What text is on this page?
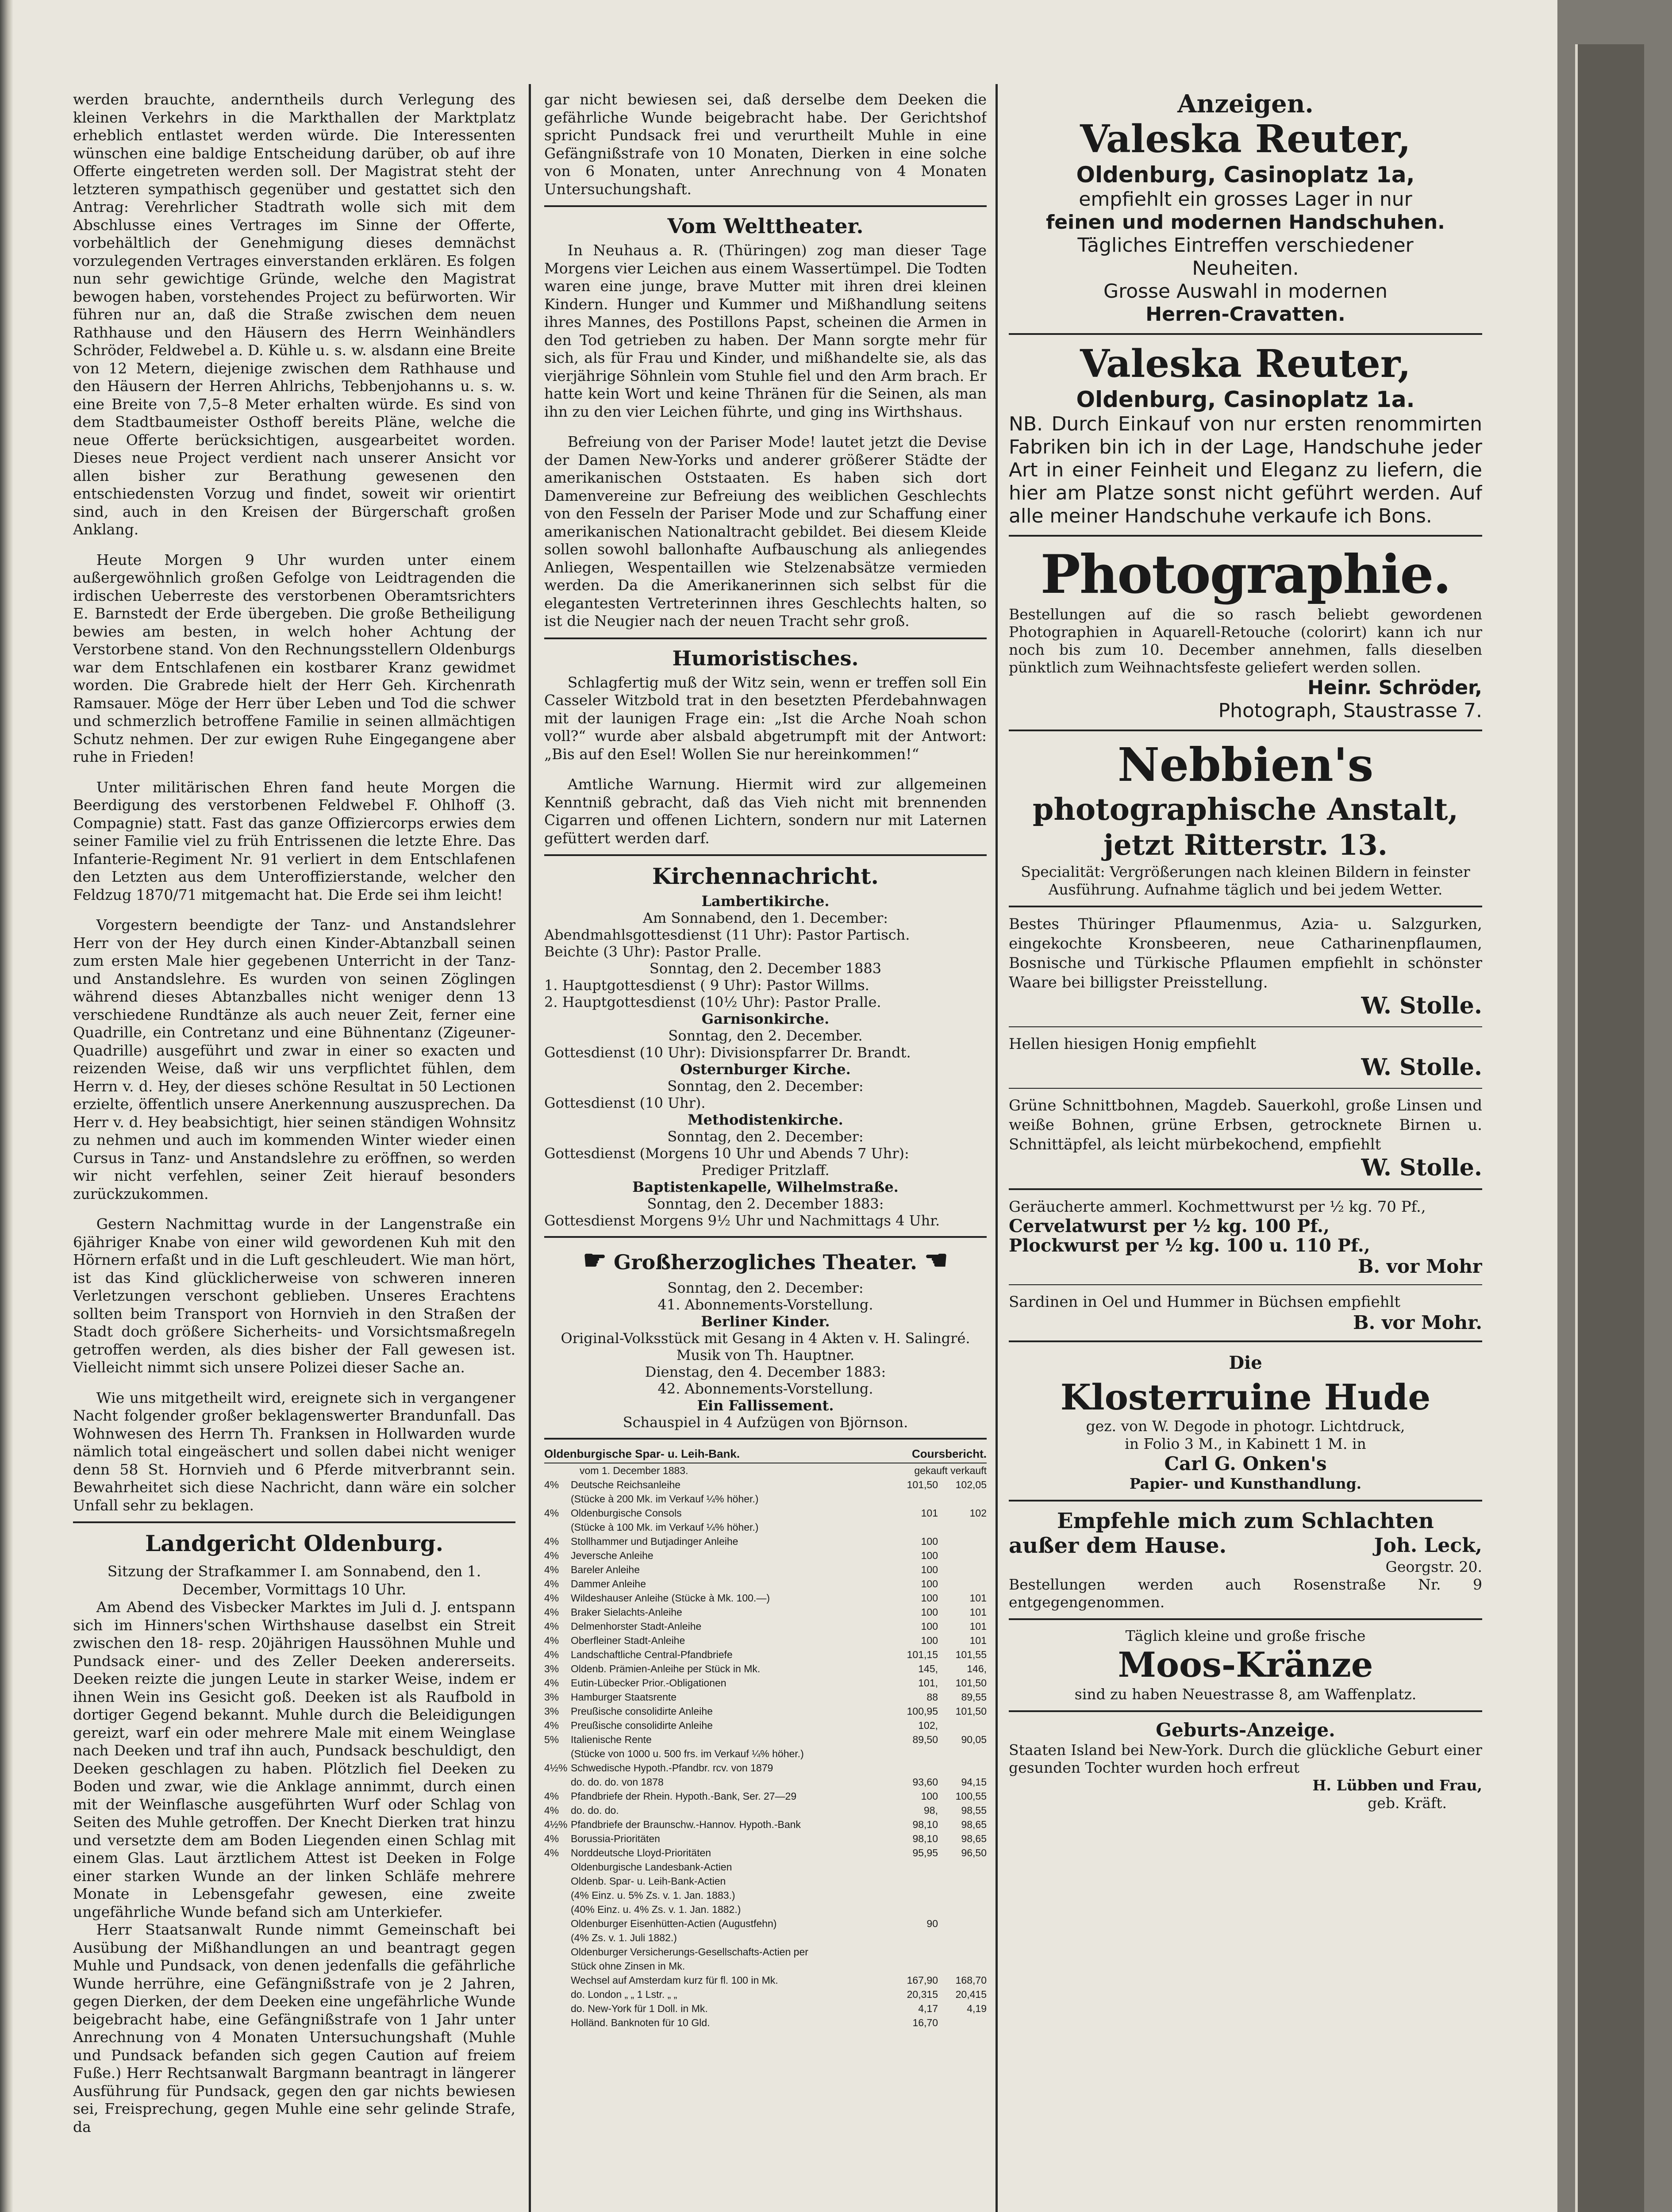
werden brauchte, anderntheils durch Verlegung des kleinen Verkehrs in die Markthallen der Marktplatz erheblich entlastet werden würde. Die Interessenten wünschen eine baldige Entscheidung darüber, ob auf ihre Offerte eingetreten werden soll. Der Magistrat steht der letzteren sympathisch gegenüber und gestattet sich den Antrag: Verehrlicher Stadtrath wolle sich mit dem Abschlusse eines Vertrages im Sinne der Offerte, vorbehältlich der Genehmigung dieses demnächst vorzulegenden Vertrages einverstanden erklären. Es folgen nun sehr gewichtige Gründe, welche den Magistrat bewogen haben, vorstehendes Project zu befürworten. Wir führen nur an, daß die Straße zwischen dem neuen Rathhause und den Häusern des Herrn Weinhändlers Schröder, Feldwebel a. D. Kühle u. s. w. alsdann eine Breite von 12 Metern, diejenige zwischen dem Rathhause und den Häusern der Herren Ahlrichs, Tebbenjohanns u. s. w. eine Breite von 7,5–8 Meter erhalten würde. Es sind von dem Stadtbaumeister Osthoff bereits Pläne, welche die neue Offerte berücksichtigen, ausgearbeitet worden. Dieses neue Project verdient nach unserer Ansicht vor allen bisher zur Berathung gewesenen den entschiedensten Vorzug und findet, soweit wir orientirt sind, auch in den Kreisen der Bürgerschaft großen Anklang.

Heute Morgen 9 Uhr wurden unter einem außergewöhnlich großen Gefolge von Leidtragenden die irdischen Ueberreste des verstorbenen Oberamtsrichters E. Barnstedt der Erde übergeben. Die große Betheiligung bewies am besten, in welch hoher Achtung der Verstorbene stand. Von den Rechnungsstellern Oldenburgs war dem Entschlafenen ein kostbarer Kranz gewidmet worden. Die Grabrede hielt der Herr Geh. Kirchenrath Ramsauer. Möge der Herr über Leben und Tod die schwer und schmerzlich betroffene Familie in seinen allmächtigen Schutz nehmen. Der zur ewigen Ruhe Eingegangene aber ruhe in Frieden!

Unter militärischen Ehren fand heute Morgen die Beerdigung des verstorbenen Feldwebel F. Ohlhoff (3. Compagnie) statt. Fast das ganze Offiziercorps erwies dem seiner Familie viel zu früh Entrissenen die letzte Ehre. Das Infanterie-Regiment Nr. 91 verliert in dem Entschlafenen den Letzten aus dem Unteroffizierstande, welcher den Feldzug 1870/71 mitgemacht hat. Die Erde sei ihm leicht!

Vorgestern beendigte der Tanz- und Anstandslehrer Herr von der Hey durch einen Kinder-Abtanzball seinen zum ersten Male hier gegebenen Unterricht in der Tanz- und Anstandslehre. Es wurden von seinen Zöglingen während dieses Abtanzballes nicht weniger denn 13 verschiedene Rundtänze als auch neuer Zeit, ferner eine Quadrille, ein Contretanz und eine Bühnentanz (Zigeuner-Quadrille) ausgeführt und zwar in einer so exacten und reizenden Weise, daß wir uns verpflichtet fühlen, dem Herrn v. d. Hey, der dieses schöne Resultat in 50 Lectionen erzielte, öffentlich unsere Anerkennung auszusprechen. Da Herr v. d. Hey beabsichtigt, hier seinen ständigen Wohnsitz zu nehmen und auch im kommenden Winter wieder einen Cursus in Tanz- und Anstandslehre zu eröffnen, so werden wir nicht verfehlen, seiner Zeit hierauf besonders zurückzukommen.

Gestern Nachmittag wurde in der Langenstraße ein 6jähriger Knabe von einer wild gewordenen Kuh mit den Hörnern erfaßt und in die Luft geschleudert. Wie man hört, ist das Kind glücklicherweise von schweren inneren Verletzungen verschont geblieben. Unseres Erachtens sollten beim Transport von Hornvieh in den Straßen der Stadt doch größere Sicherheits- und Vorsichtsmaßregeln getroffen werden, als dies bisher der Fall gewesen ist. Vielleicht nimmt sich unsere Polizei dieser Sache an.

Wie uns mitgetheilt wird, ereignete sich in vergangener Nacht folgender großer beklagenswerter Brandunfall. Das Wohnwesen des Herrn Th. Franksen in Hollwarden wurde nämlich total eingeäschert und sollen dabei nicht weniger denn 58 St. Hornvieh und 6 Pferde mitverbrannt sein. Bewahrheitet sich diese Nachricht, dann wäre ein solcher Unfall sehr zu beklagen.

Landgericht Oldenburg.

Sitzung der Strafkammer I. am Sonnabend, den 1. December, Vormittags 10 Uhr.

Am Abend des Visbecker Marktes im Juli d. J. entspann sich im Hinners'schen Wirthshause daselbst ein Streit zwischen den 18- resp. 20jährigen Haussöhnen Muhle und Pundsack einer- und des Zeller Deeken andererseits. Deeken reizte die jungen Leute in starker Weise, indem er ihnen Wein ins Gesicht goß. Deeken ist als Raufbold in dortiger Gegend bekannt. Muhle durch die Beleidigungen gereizt, warf ein oder mehrere Male mit einem Weinglase nach Deeken und traf ihn auch, Pundsack beschuldigt, den Deeken geschlagen zu haben. Plötzlich fiel Deeken zu Boden und zwar, wie die Anklage annimmt, durch einen mit der Weinflasche ausgeführten Wurf oder Schlag von Seiten des Muhle getroffen. Der Knecht Dierken trat hinzu und versetzte dem am Boden Liegenden einen Schlag mit einem Glas. Laut ärztlichem Attest ist Deeken in Folge einer starken Wunde an der linken Schläfe mehrere Monate in Lebensgefahr gewesen, eine zweite ungefährliche Wunde befand sich am Unterkiefer.

Herr Staatsanwalt Runde nimmt Gemeinschaft bei Ausübung der Mißhandlungen an und beantragt gegen Muhle und Pundsack, von denen jedenfalls die gefährliche Wunde herrühre, eine Gefängnißstrafe von je 2 Jahren, gegen Dierken, der dem Deeken eine ungefährliche Wunde beigebracht habe, eine Gefängnißstrafe von 1 Jahr unter Anrechnung von 4 Monaten Untersuchungshaft (Muhle und Pundsack befanden sich gegen Caution auf freiem Fuße.) Herr Rechtsanwalt Bargmann beantragt in längerer Ausführung für Pundsack, gegen den gar nichts bewiesen sei, Freisprechung, gegen Muhle eine sehr gelinde Strafe, da

gar nicht bewiesen sei, daß derselbe dem Deeken die gefährliche Wunde beigebracht habe. Der Gerichtshof spricht Pundsack frei und verurtheilt Muhle in eine Gefängnißstrafe von 10 Monaten, Dierken in eine solche von 6 Monaten, unter Anrechnung von 4 Monaten Untersuchungshaft.

Vom Welttheater.

In Neuhaus a. R. (Thüringen) zog man dieser Tage Morgens vier Leichen aus einem Wassertümpel. Die Todten waren eine junge, brave Mutter mit ihren drei kleinen Kindern. Hunger und Kummer und Mißhandlung seitens ihres Mannes, des Postillons Papst, scheinen die Armen in den Tod getrieben zu haben. Der Mann sorgte mehr für sich, als für Frau und Kinder, und mißhandelte sie, als das vierjährige Söhnlein vom Stuhle fiel und den Arm brach. Er hatte kein Wort und keine Thränen für die Seinen, als man ihn zu den vier Leichen führte, und ging ins Wirthshaus.

Befreiung von der Pariser Mode! lautet jetzt die Devise der Damen New-Yorks und anderer größerer Städte der amerikanischen Oststaaten. Es haben sich dort Damenvereine zur Befreiung des weiblichen Geschlechts von den Fesseln der Pariser Mode und zur Schaffung einer amerikanischen Nationaltracht gebildet. Bei diesem Kleide sollen sowohl ballonhafte Aufbauschung als anliegendes Anliegen, Wespentaillen wie Stelzenabsätze vermieden werden. Da die Amerikanerinnen sich selbst für die elegantesten Vertreterinnen ihres Geschlechts halten, so ist die Neugier nach der neuen Tracht sehr groß.

Humoristisches.

Schlagfertig muß der Witz sein, wenn er treffen soll Ein Casseler Witzbold trat in den besetzten Pferdebahnwagen mit der launigen Frage ein: „Ist die Arche Noah schon voll?“ wurde aber alsbald abgetrumpft mit der Antwort: „Bis auf den Esel! Wollen Sie nur hereinkommen!“

Amtliche Warnung. Hiermit wird zur allgemeinen Kenntniß gebracht, daß das Vieh nicht mit brennenden Cigarren und offenen Lichtern, sondern nur mit Laternen gefüttert werden darf.

Kirchennachricht.

Lambertikirche.

Am Sonnabend, den 1. December:

Abendmahlsgottesdienst (11 Uhr): Pastor Partisch.

Beichte (3 Uhr): Pastor Pralle.

Sonntag, den 2. December 1883

1. Hauptgottesdienst ( 9 Uhr): Pastor Willms.

2. Hauptgottesdienst (10½ Uhr): Pastor Pralle.

Garnisonkirche.

Sonntag, den 2. December.

Gottesdienst (10 Uhr): Divisionspfarrer Dr. Brandt.

Osternburger Kirche.

Sonntag, den 2. December:

Gottesdienst (10 Uhr).

Methodistenkirche.

Sonntag, den 2. December:

Gottesdienst (Morgens 10 Uhr und Abends 7 Uhr):

Prediger Pritzlaff.

Baptistenkapelle, Wilhelmstraße.

Sonntag, den 2. December 1883:

Gottesdienst Morgens 9½ Uhr und Nachmittags 4 Uhr.

☛ Großherzogliches Theater. ☚

Sonntag, den 2. December:

41. Abonnements-Vorstellung.

Berliner Kinder.

Original-Volksstück mit Gesang in 4 Akten v. H. Salingré.

Musik von Th. Hauptner.

Dienstag, den 4. December 1883:

42. Abonnements-Vorstellung.

Ein Fallissement.

Schauspiel in 4 Aufzügen von Björnson.

Oldenburgische Spar- u. Leih-Bank.	Coursbericht.
vom 1. December 1883.	gekauft verkauft
4%	Deutsche Reichsanleihe	101,50	102,05
(Stücke à 200 Mk. im Verkauf ¼% höher.)
4%	Oldenburgische Consols	101	102
(Stücke à 100 Mk. im Verkauf ¼% höher.)
4%	Stollhammer und Butjadinger Anleihe	100
4%	Jeversche Anleihe	100
4%	Bareler Anleihe	100
4%	Dammer Anleihe	100
4%	Wildeshauser Anleihe (Stücke à Mk. 100.—)	100	101
4%	Braker Sielachts-Anleihe	100	101
4%	Delmenhorster Stadt-Anleihe	100	101
4%	Oberfleiner Stadt-Anleihe	100	101
4%	Landschaftliche Central-Pfandbriefe	101,15	101,55
3%	Oldenb. Prämien-Anleihe per Stück in Mk.	145,	146,
4%	Eutin-Lübecker Prior.-Obligationen	101,	101,50
3%	Hamburger Staatsrente	88	89,55
3%	Preußische consolidirte Anleihe	100,95	101,50
4%	Preußische consolidirte Anleihe	102,
5%	Italienische Rente	89,50	90,05
(Stücke von 1000 u. 500 frs. im Verkauf ¼% höher.)
4½% Schwedische Hypoth.-Pfandbr. rcv. von 1879
do. do. do. von 1878	93,60	94,15
4%	Pfandbriefe der Rhein. Hypoth.-Bank, Ser. 27—29	100	100,55
4%	do. do. do.	98,	98,55
4½% Pfandbriefe der Braunschw.-Hannov. Hypoth.-Bank	98,10	98,65
4%	Borussia-Prioritäten	98,10	98,65
4%	Norddeutsche Lloyd-Prioritäten	95,95	96,50
Oldenburgische Landesbank-Actien
Oldenb. Spar- u. Leih-Bank-Actien
(4% Einz. u. 5% Zs. v. 1. Jan. 1883.)
(40% Einz. u. 4% Zs. v. 1. Jan. 1882.)
Oldenburger Eisenhütten-Actien (Augustfehn)	90
(4% Zs. v. 1. Juli 1882.)
Oldenburger Versicherungs-Gesellschafts-Actien per
Stück ohne Zinsen in Mk.
Wechsel auf Amsterdam kurz für fl. 100 in Mk.	167,90	168,70
do. London „ „ 1 Lstr. „ „	20,315	20,415
do. New-York für 1 Doll. in Mk.	4,17	4,19
Holländ. Banknoten für 10 Gld.	16,70
Anzeigen.
Valeska Reuter,
Oldenburg, Casinoplatz 1a,
empfiehlt ein grosses Lager in nur
feinen und modernen Handschuhen.
Tägliches Eintreffen verschiedener
Neuheiten.
Grosse Auswahl in modernen
Herren-Cravatten.
Valeska Reuter,
Oldenburg, Casinoplatz 1a.
NB. Durch Einkauf von nur ersten renommirten Fabriken bin ich in der Lage, Handschuhe jeder Art in einer Feinheit und Eleganz zu liefern, die hier am Platze sonst nicht geführt werden. Auf alle meiner Handschuhe verkaufe ich Bons.
Photographie.
Bestellungen auf die so rasch beliebt gewordenen Photographien in Aquarell-Retouche (colorirt) kann ich nur noch bis zum 10. December annehmen, falls dieselben pünktlich zum Weihnachtsfeste geliefert werden sollen.
Heinr. Schröder,
Photograph, Staustrasse 7.
Nebbien's
photographische Anstalt,
jetzt Ritterstr. 13.
Specialität: Vergrößerungen nach kleinen Bildern in feinster Ausführung. Aufnahme täglich und bei jedem Wetter.
Bestes Thüringer Pflaumenmus, Azia- u. Salzgurken, eingekochte Kronsbeeren, neue Catharinenpflaumen, Bosnische und Türkische Pflaumen empfiehlt in schönster Waare bei billigster Preisstellung.
W. Stolle.
Hellen hiesigen Honig empfiehlt
W. Stolle.
Grüne Schnittbohnen, Magdeb. Sauerkohl, große Linsen und weiße Bohnen, grüne Erbsen, getrocknete Birnen u. Schnittäpfel, als leicht mürbekochend, empfiehlt
W. Stolle.
Geräucherte ammerl. Kochmettwurst per ½ kg. 70 Pf.,
Cervelatwurst per ½ kg. 100 Pf.,
Plockwurst per ½ kg. 100 u. 110 Pf.,
B. vor Mohr
Sardinen in Oel und Hummer in Büchsen empfiehlt
B. vor Mohr.
Die
Klosterruine Hude
gez. von W. Degode in photogr. Lichtdruck,
in Folio 3 M., in Kabinett 1 M. in
Carl G. Onken's
Papier- und Kunsthandlung.
Empfehle mich zum Schlachten
außer dem Hause.	Joh. Leck,
Georgstr. 20.
Bestellungen werden auch Rosenstraße Nr. 9 entgegengenommen.
Täglich kleine und große frische
Moos-Kränze
sind zu haben Neuestrasse 8, am Waffenplatz.
Geburts-Anzeige.
Staaten Island bei New-York. Durch die glückliche Geburt einer gesunden Tochter wurden hoch erfreut
H. Lübben und Frau,
geb. Kräft.
